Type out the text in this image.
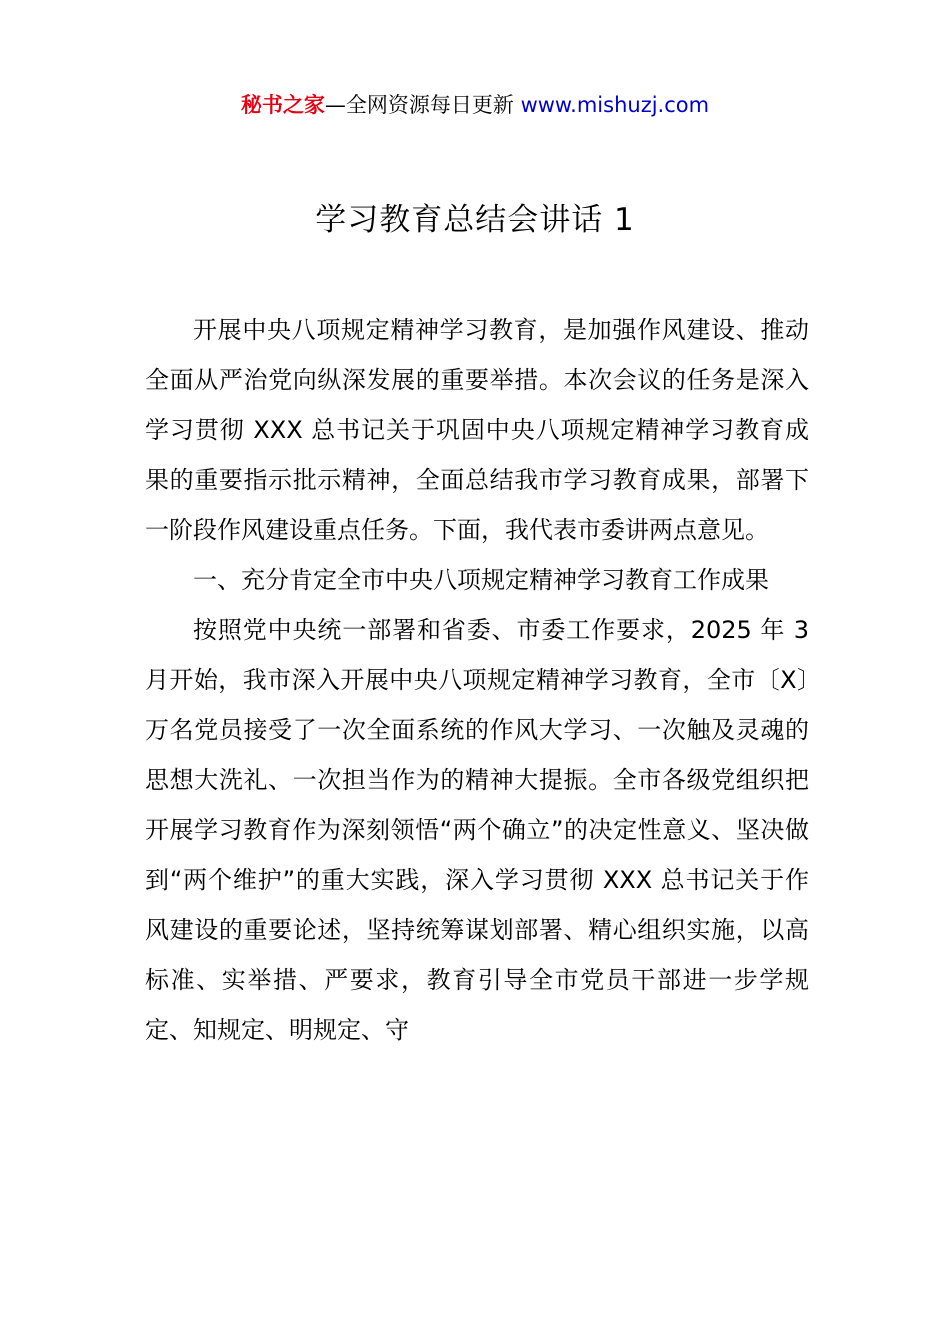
秘书之家—全网资源每日更新 www.mishuzj.com
学习教育总结会讲话 1

开展中央八项规定精神学习教育，是加强作风建设、推动全面从严治党向纵深发展的重要举措。本次会议的任务是深入学习贯彻 XXX 总书记关于巩固中央八项规定精神学习教育成果的重要指示批示精神，全面总结我市学习教育成果，部署下一阶段作风建设重点任务。下面，我代表市委讲两点意见。

一、充分肯定全市中央八项规定精神学习教育工作成果

按照党中央统一部署和省委、市委工作要求，2025 年 3 月开始，我市深入开展中央八项规定精神学习教育，全市〔X〕万名党员接受了一次全面系统的作风大学习、一次触及灵魂的思想大洗礼、一次担当作为的精神大提振。全市各级党组织把开展学习教育作为深刻领悟“两个确立”的决定性意义、坚决做到“两个维护”的重大实践，深入学习贯彻 XXX 总书记关于作风建设的重要论述，坚持统筹谋划部署、精心组织实施，以高标准、实举措、严要求，教育引导全市党员干部进一步学规定、知规定、明规定、守
